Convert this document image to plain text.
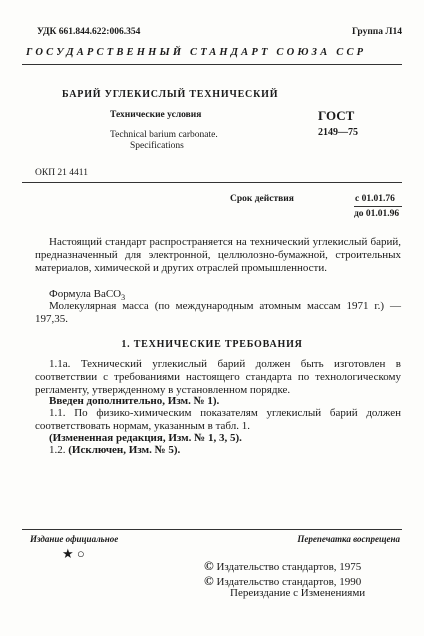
УДК 661.844.622:006.354	Группа Л14
ГОСУДАРСТВЕННЫЙ СТАНДАРТ СОЮЗА ССР
БАРИЙ УГЛЕКИСЛЫЙ ТЕХНИЧЕСКИЙ
Технические условия
Technical barium carbonate.
Specifications
ГОСТ
2149—75
ОКП 21 4411
Срок действия	с 01.01.76
до 01.01.96
Настоящий стандарт распространяется на технический углекислый барий, предназначенный для электронной, целлюлозно-бумажной, строительных материалов, химической и других отраслей промышленности.
Формула BaCO$_3$
Молекулярная масса (по международным атомным массам 1971 г.) — 197,35.
1. ТЕХНИЧЕСКИЕ ТРЕБОВАНИЯ
1.1а. Технический углекислый барий должен быть изготовлен в соответствии с требованиями настоящего стандарта по технологическому регламенту, утвержденному в установленном порядке.
Введен дополнительно, Изм. № 1).
1.1. По физико-химическим показателям углекислый барий должен соответствовать нормам, указанным в табл. 1.
(Измененная редакция, Изм. № 1, 3, 5).
1.2. (Исключен, Изм. № 5).
Издание официальное	Перепечатка воспрещена
★ ○
© Издательство стандартов, 1975
© Издательство стандартов, 1990
Переиздание с Изменениями
